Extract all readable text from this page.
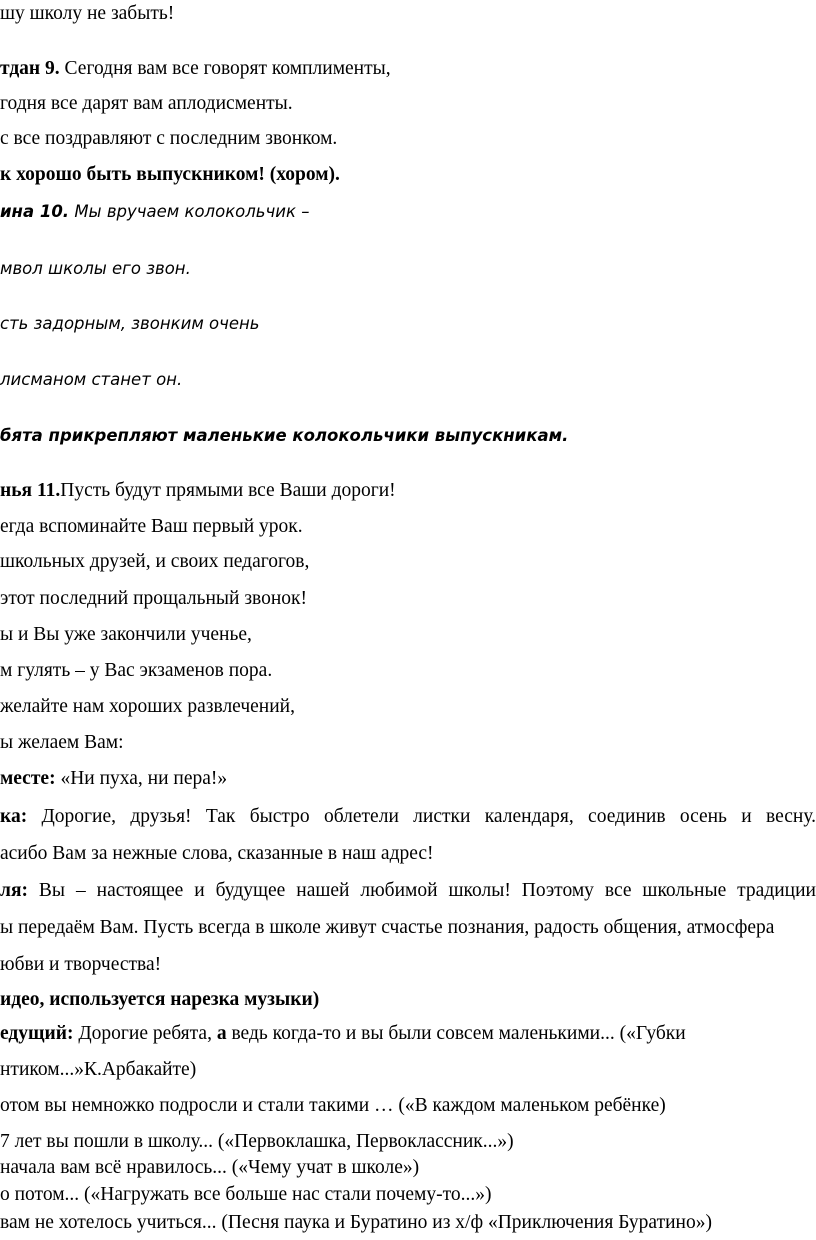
шу школу не забыть!
тдан 9. Сегодня вам все говорят комплименты,
годня все дарят вам аплодисменты.
с все поздравляют с последним звонком.
к хорошо быть выпускником! (хором).
ина 10. Мы вручаем колокольчик –
мвол школы его звон.
сть задорным, звонким очень
лисманом станет он.
бята прикрепляют маленькие колокольчики выпускникам.
нья 11.Пусть будут прямыми все Ваши дороги!
егда вспоминайте Ваш первый урок.
школьных друзей, и своих педагогов,
этот последний прощальный звонок!
ы и Вы уже закончили ученье,
м гулять – у Вас экзаменов пора.
желайте нам хороших развлечений,
ы желаем Вам:
месте: «Ни пуха, ни пера!»
ка: Дорогие, друзья! Так быстро облетели листки календаря, соединив осень и весну.
асибо Вам за нежные слова, сказанные в наш адрес!
ля: Вы – настоящее и будущее нашей любимой школы! Поэтому все школьные традиции
ы передаём Вам. Пусть всегда в школе живут счастье познания, радость общения, атмосфера
юбви и творчества!
идео, используется нарезка музыки)
едущий: Дорогие ребята, а ведь когда-то и вы были совсем маленькими... («Губки
нтиком...»К.Арбакайте)
отом вы немножко подросли и стали такими … («В каждом маленьком ребёнке)
7 лет вы пошли в школу... («Первоклашка, Первоклассник...»)
начала вам всё нравилось... («Чему учат в школе»)
о потом... («Нагружать все больше нас стали почему-то...»)
вам не хотелось учиться... (Песня паука и Буратино из х/ф «Приключения Буратино»)
